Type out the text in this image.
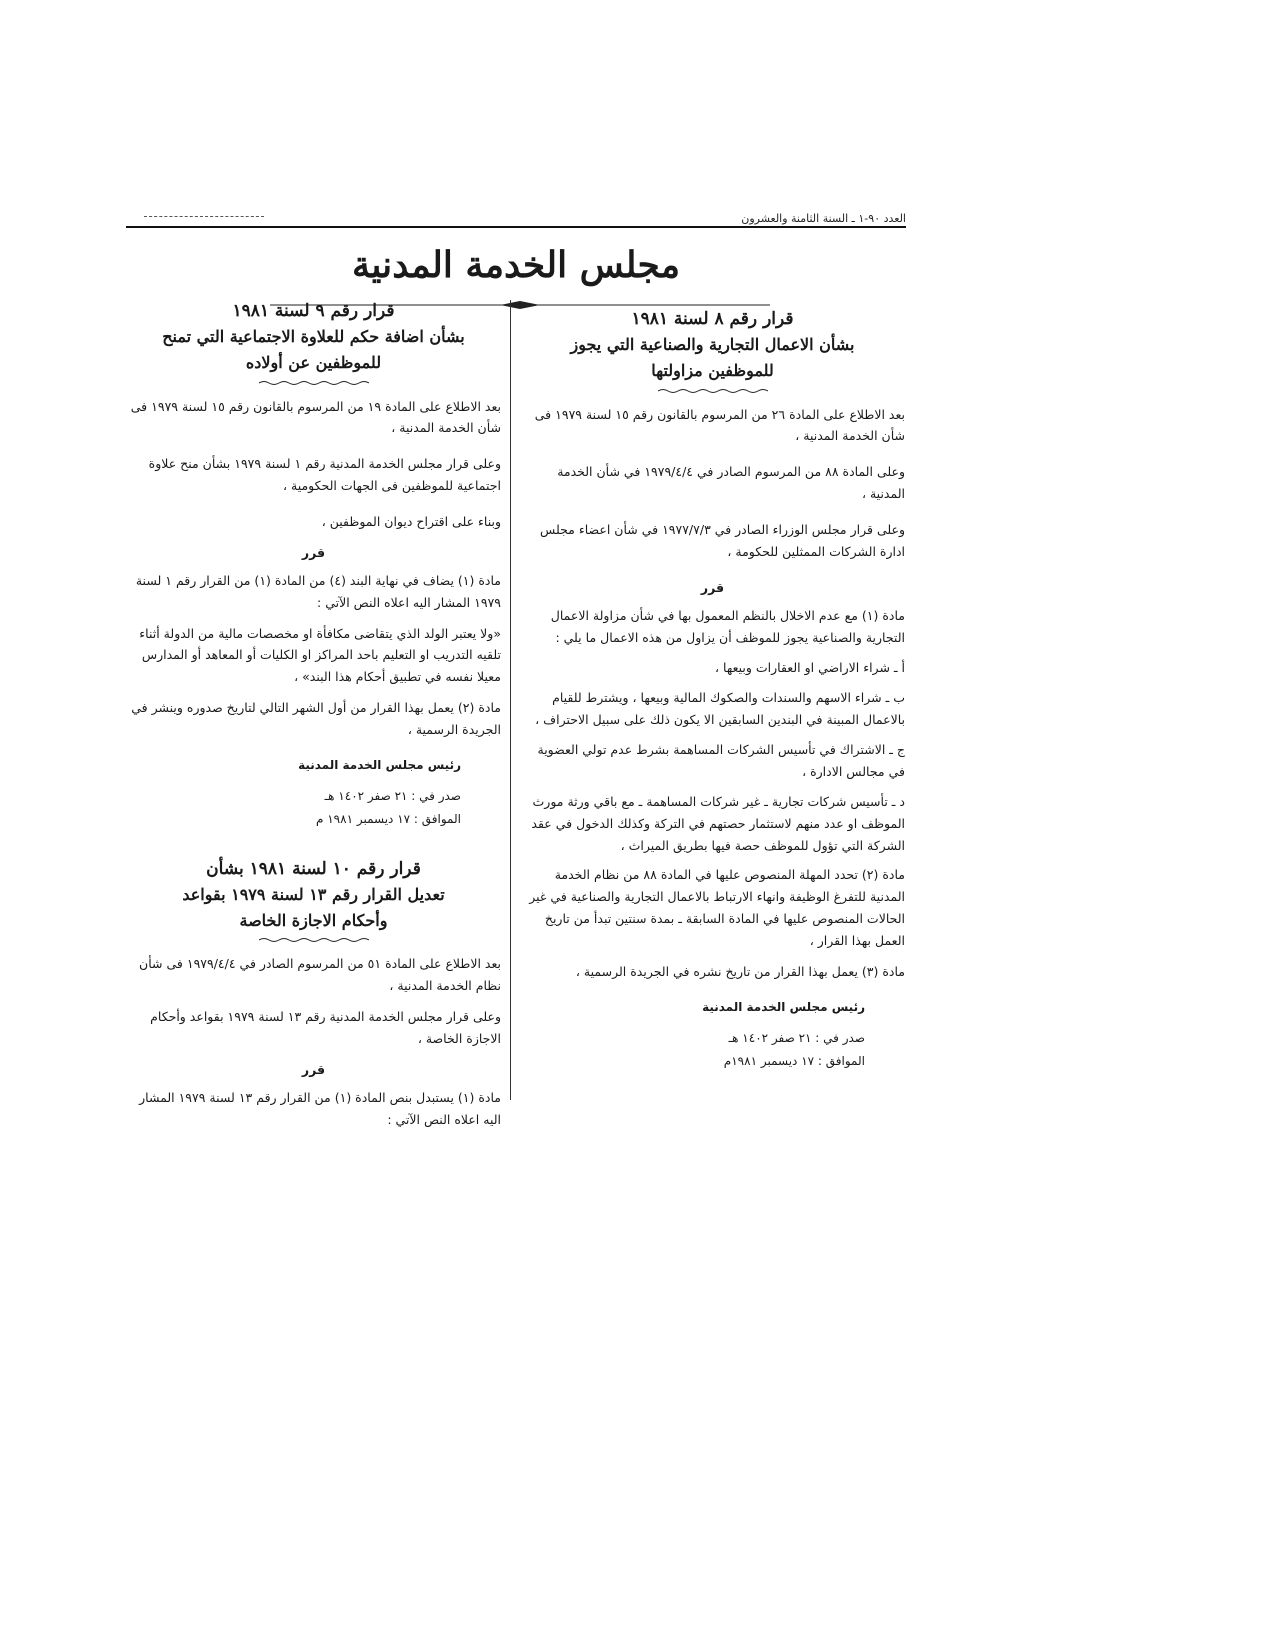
العدد ٩٠-١ ـ السنة الثامنة والعشرون
مجلس الخدمة المدنية
قرار رقم ٨ لسنة ١٩٨١
بشأن الاعمال التجارية والصناعية التي يجوز
للموظفين مزاولتها

بعد الاطلاع على المادة ٢٦ من المرسوم بالقانون رقم ١٥ لسنة ١٩٧٩ فى شأن الخدمة المدنية ،

وعلى المادة ٨٨ من المرسوم الصادر في ١٩٧٩/٤/٤ في شأن الخدمة المدنية ،

وعلى قرار مجلس الوزراء الصادر في ١٩٧٧/٧/٣ في شأن اعضاء مجلس ادارة الشركات الممثلين للحكومة ،

قرر

مادة (١) مع عدم الاخلال بالنظم المعمول بها في شأن مزاولة الاعمال التجارية والصناعية يجوز للموظف أن يزاول من هذه الاعمال ما يلي :

أ ـ شراء الاراضي او العقارات وبيعها ،

ب ـ شراء الاسهم والسندات والصكوك المالية وبيعها ، ويشترط للقيام بالاعمال المبينة في البندين السابقين الا يكون ذلك على سبيل الاحتراف ،

ج ـ الاشتراك في تأسيس الشركات المساهمة بشرط عدم تولي العضوية في مجالس الادارة ،

د ـ تأسيس شركات تجارية ـ غير شركات المساهمة ـ مع باقي ورثة مورث الموظف او عدد منهم لاستثمار حصتهم في التركة وكذلك الدخول في عقد الشركة التي تؤول للموظف حصة فيها بطريق الميراث ،

مادة (٢) تحدد المهلة المنصوص عليها في المادة ٨٨ من نظام الخدمة المدنية للتفرغ الوظيفة وانهاء الارتباط بالاعمال التجارية والصناعية في غير الحالات المنصوص عليها في المادة السابقة ـ بمدة سنتين تبدأ من تاريخ العمل بهذا القرار ،

مادة (٣) يعمل بهذا القرار من تاريخ نشره في الجريدة الرسمية ،

رئيس مجلس الخدمة المدنية
صدر في : ٢١ صفر ١٤٠٢ هـ
الموافق : ١٧ ديسمبر ١٩٨١م
قرار رقم ٩ لسنة ١٩٨١
بشأن اضافة حكم للعلاوة الاجتماعية التي تمنح
للموظفين عن أولاده

بعد الاطلاع على المادة ١٩ من المرسوم بالقانون رقم ١٥ لسنة ١٩٧٩ فى شأن الخدمة المدنية ،

وعلى قرار مجلس الخدمة المدنية رقم ١ لسنة ١٩٧٩ بشأن منح علاوة اجتماعية للموظفين فى الجهات الحكومية ،

وبناء على اقتراح ديوان الموظفين ،

قرر

مادة (١) يضاف في نهاية البند (٤) من المادة (١) من القرار رقم ١ لسنة ١٩٧٩ المشار اليه اعلاه النص الآتي :

«ولا يعتبر الولد الذي يتقاضى مكافأة او مخصصات مالية من الدولة أثناء تلقيه التدريب او التعليم باحد المراكز او الكليات أو المعاهد أو المدارس معيلا نفسه في تطبيق أحكام هذا البند» ،

مادة (٢) يعمل بهذا القرار من أول الشهر التالي لتاريخ صدوره وينشر في الجريدة الرسمية ،

رئيس مجلس الخدمة المدنية
صدر في : ٢١ صفر ١٤٠٢ هـ
الموافق : ١٧ ديسمبر ١٩٨١ م
قرار رقم ١٠ لسنة ١٩٨١ بشأن
تعديل القرار رقم ١٣ لسنة ١٩٧٩ بقواعد
وأحكام الاجازة الخاصة

بعد الاطلاع على المادة ٥١ من المرسوم الصادر في ١٩٧٩/٤/٤ فى شأن نظام الخدمة المدنية ،

وعلى قرار مجلس الخدمة المدنية رقم ١٣ لسنة ١٩٧٩ بقواعد وأحكام الاجازة الخاصة ،

قرر

مادة (١) يستبدل بنص المادة (١) من القرار رقم ١٣ لسنة ١٩٧٩ المشار اليه اعلاه النص الآتي :
